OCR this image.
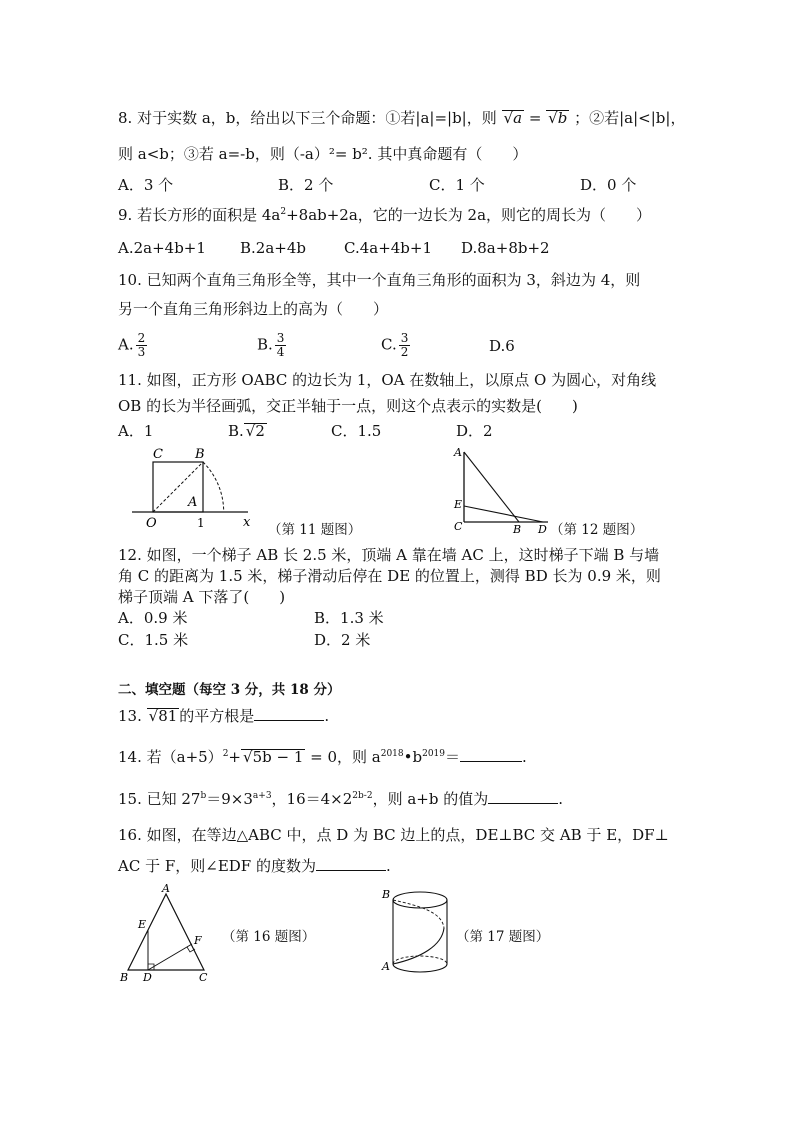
8. 对于实数 a，b，给出以下三个命题：①若|a|=|b|，则 √a = √b ；②若|a|<|b|，
则 a<b；③若 a=-b，则（-a）²= b². 其中真命题有（　　）
A．3 个	B．2 个	C．1 个	D．0 个
9. 若长方形的面积是 $4a^2+8ab+2a$，它的一边长为 2a，则它的周长为（　　）
A.2a+4b+1 B.2a+4b	C.4a+4b+1 D.8a+8b+2
10. 已知两个直角三角形全等，其中一个直角三角形的面积为 3，斜边为 4，则
另一个直角三角形斜边上的高为（　　）
A. $\frac{2}{3}$	B. $\frac{3}{4}$	C. $\frac{3}{2}$	D.6
11. 如图，正方形 OABC 的边长为 1，OA 在数轴上，以原点 O 为圆心，对角线
OB 的长为半径画弧，交正半轴于一点，则这个点表示的实数是(　　)
A．1	B. √2	C．1.5	D．2
C B
A
O	1	x （第 11 题图）
A
E
C	B D （第 12 题图）
12. 如图，一个梯子 AB 长 2.5 米，顶端 A 靠在墙 AC 上，这时梯子下端 B 与墙
角 C 的距离为 1.5 米，梯子滑动后停在 DE 的位置上，测得 BD 长为 0.9 米，则
梯子顶端 A 下落了(　　)
A．0.9 米	B．1.3 米
C．1.5 米	D．2 米
二、填空题（每空 3 分，共 18 分）
13. √81 的平方根是	.
14. 若$(a+5)^2+ √5b - 1 = 0$，则 $a^{2018}•b^{2019}=$	.
15. 已知 $27^b=9\times 3^{a+3}$，$16=4\times 2^{2b-2}$，则 a+b 的值为	.
16. 如图，在等边△ABC 中，点 D 为 BC 边上的点，DE⊥BC 交 AB 于 E，DF⊥
AC 于 F，则∠EDF 的度数为	.
A
E
F
B D	C
（第 16 题图）
B
A
（第 17 题图）
